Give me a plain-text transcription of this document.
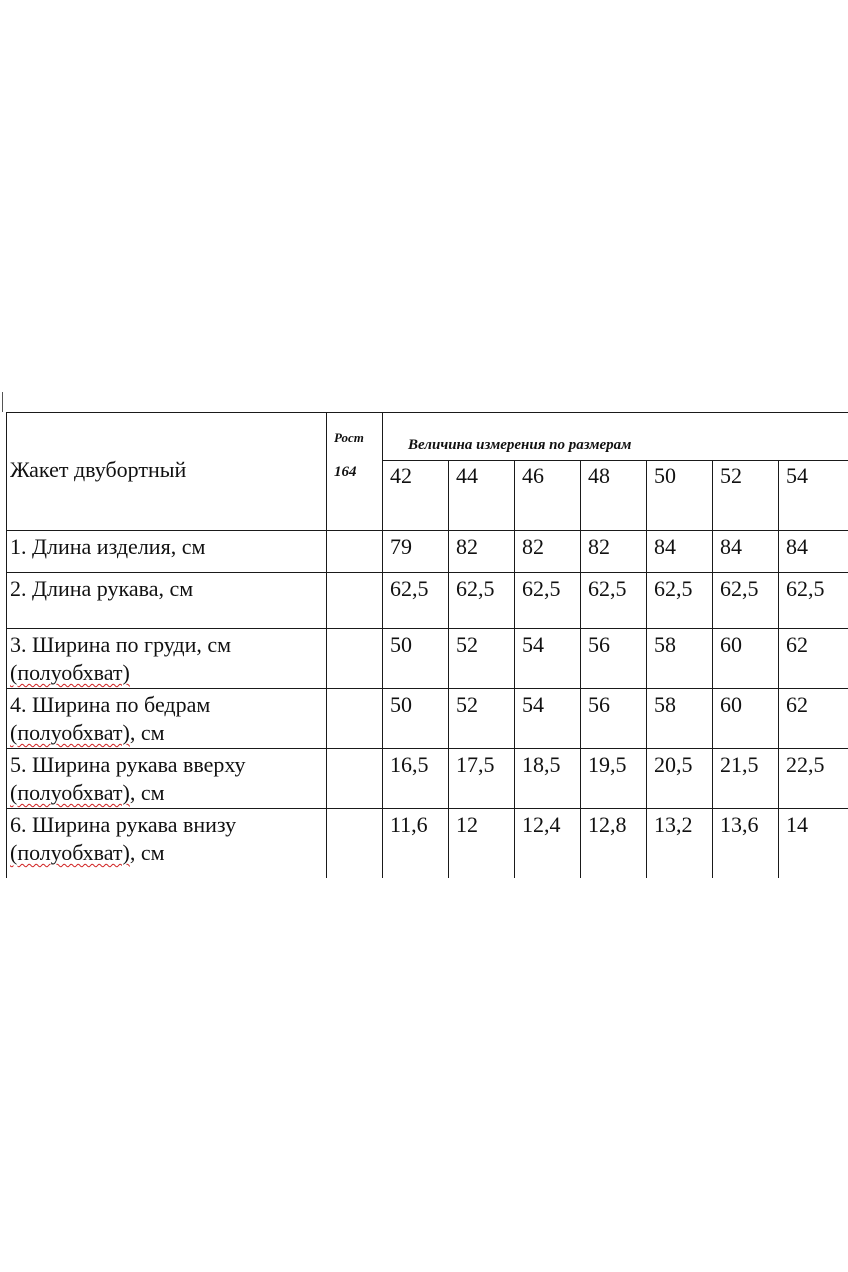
Жакет двубортный
Рост
164
Величина измерения по размерам
42 44 46 48 50 52 54
1. Длина изделия, см	79 82 82 82 84 84 84
2. Длина рукава, см	62,5 62,5 62,5 62,5 62,5 62,5 62,5
3. Ширина по груди, см
(полуобхват)
50 52 54 56 58 60 62
4. Ширина по бедрам
(полуобхват), см
50 52 54 56 58 60 62
5. Ширина рукава вверху
(полуобхват), см
16,5 17,5 18,5 19,5 20,5 21,5 22,5
6. Ширина рукава внизу
(полуобхват), см
11,6 12 12,4 12,8 13,2 13,6 14
